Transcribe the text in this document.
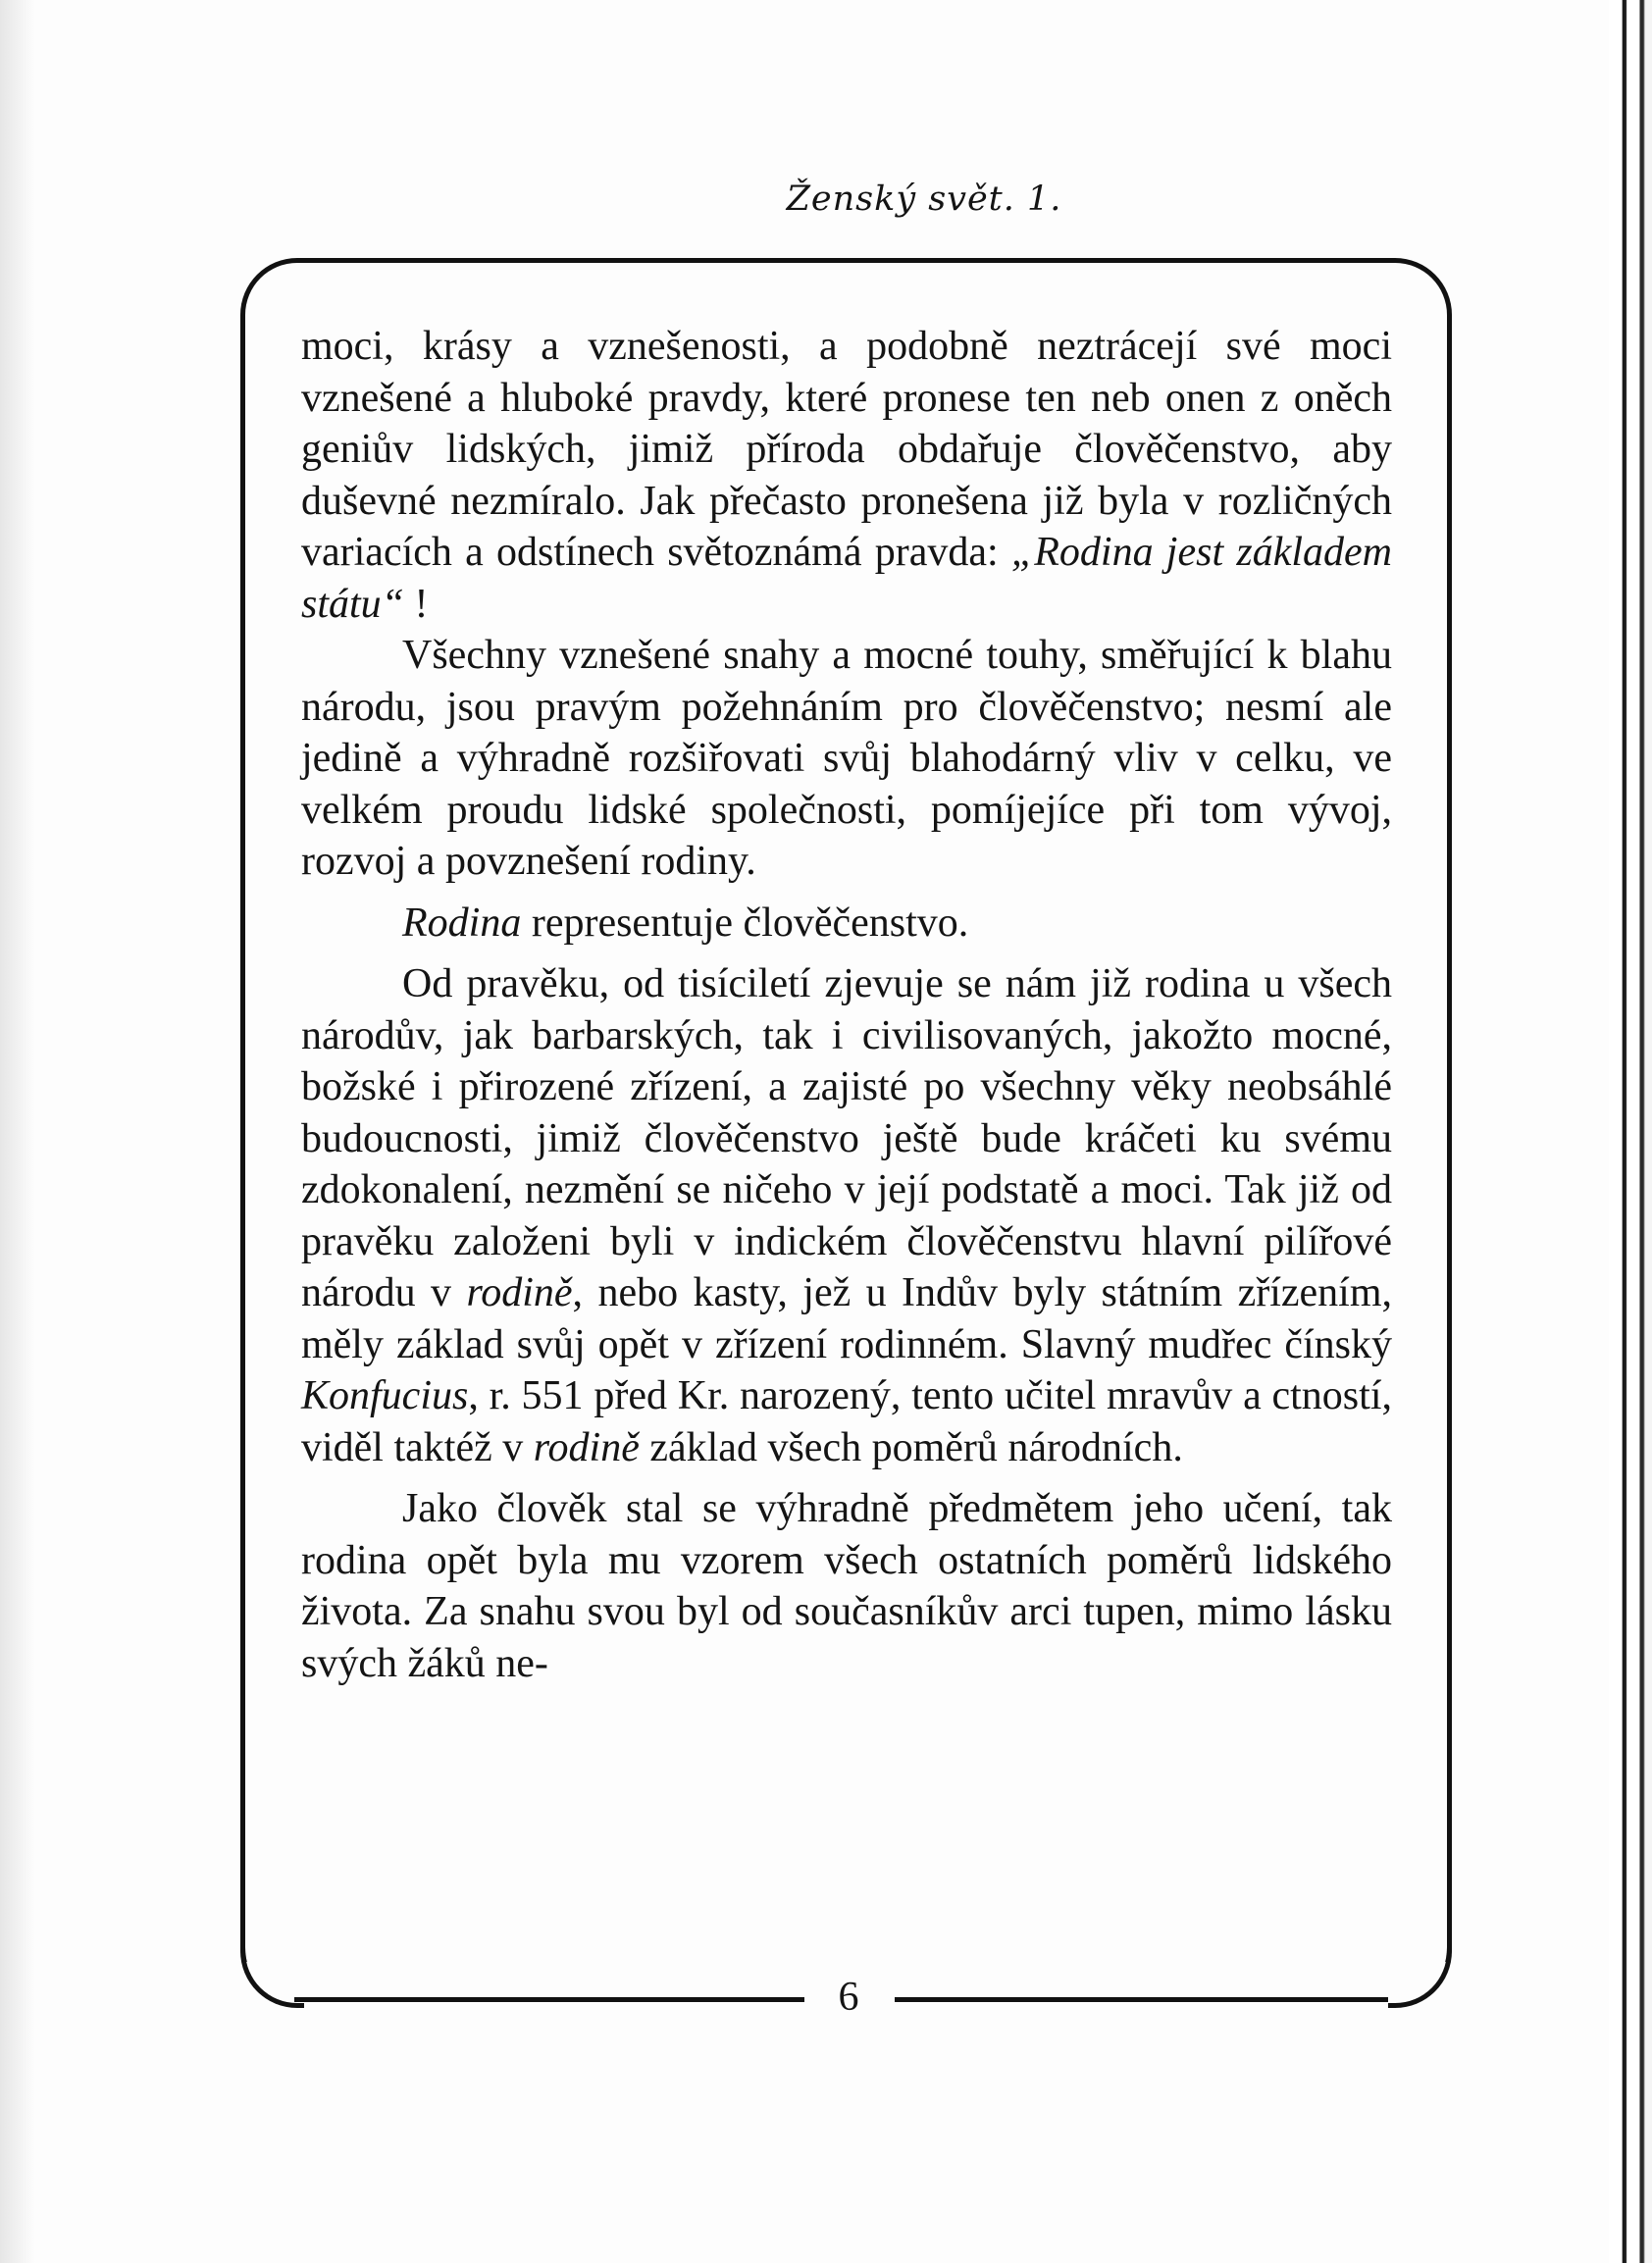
Ženský svět. 1.

moci, krásy a vznešenosti, a podobně neztrácejí své moci vznešené a hluboké pravdy, které pronese ten neb onen z oněch geniův lidských, jimiž příroda obdařuje člověčenstvo, aby duševné nezmíralo. Jak přečasto pronešena již byla v rozličných variacích a odstínech světoznámá pravda: „Rodina jest základem státu“ !

Všechny vznešené snahy a mocné touhy, směřující k blahu národu, jsou pravým požehnáním pro člověčenstvo; nesmí ale jedině a výhradně rozšiřovati svůj blahodárný vliv v celku, ve velkém proudu lidské společnosti, pomíjejíce při tom vývoj, rozvoj a povznešení rodiny.

Rodina representuje člověčenstvo.

Od pravěku, od tisíciletí zjevuje se nám již rodina u všech národův, jak barbarských, tak i civilisovaných, jakožto mocné, božské i přirozené zřízení, a zajisté po všechny věky neobsáhlé budoucnosti, jimiž člověčenstvo ještě bude kráčeti ku svému zdokonalení, nezmění se ničeho v její podstatě a moci. Tak již od pravěku založeni byli v indickém člověčenstvu hlavní pilířové národu v rodině, nebo kasty, jež u Indův byly státním zřízením, měly základ svůj opět v zřízení rodinném. Slavný mudřec čínský Konfucius, r. 551 před Kr. narozený, tento učitel mravův a ctností, viděl taktéž v rodině základ všech poměrů národních.

Jako člověk stal se výhradně předmětem jeho učení, tak rodina opět byla mu vzorem všech ostatních poměrů lidského života. Za snahu svou byl od současníkův arci tupen, mimo lásku svých žáků ne-

6
